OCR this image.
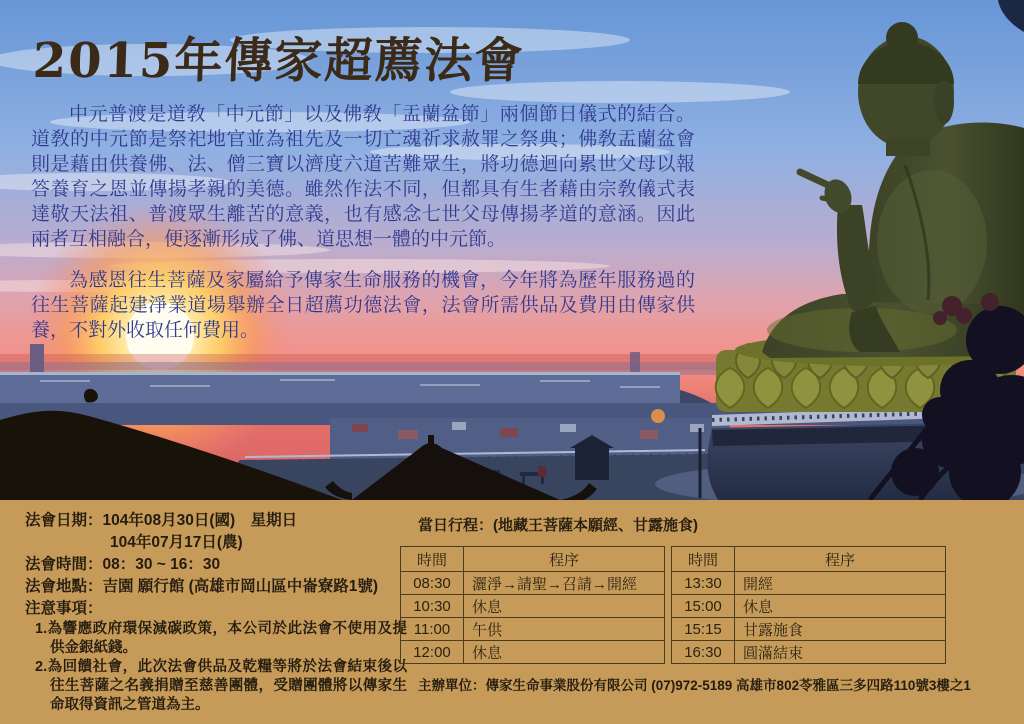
2015年傳家超薦法會

中元普渡是道敎「中元節」以及佛敎「盂蘭盆節」兩個節日儀式的結合。道敎的中元節是祭祀地官並為祖先及一切亡魂祈求赦罪之祭典；佛敎盂蘭盆會則是藉由供養佛、法、僧三寶以濟度六道苦難眾生，將功德迴向累世父母以報答養育之恩並傳揚孝親的美德。雖然作法不同，但都具有生者藉由宗敎儀式表達敬天法祖、普渡眾生離苦的意義，也有感念七世父母傳揚孝道的意涵。因此兩者互相融合，便逐漸形成了佛、道思想一體的中元節。

為感恩往生菩薩及家屬給予傳家生命服務的機會，今年將為歷年服務過的往生菩薩起建淨業道場舉辦全日超薦功德法會，法會所需供品及費用由傳家供養，不對外收取任何費用。

法會日期：104年08月30日(國)　星期日
104年07月17日(農)
法會時間：08：30 ~ 16：30
法會地點：吉園 願行館 (高雄市岡山區中崙寮路1號)
注意事項：
1.為響應政府環保減碳政策，本公司於此法會不使用及提供金銀紙錢。
2.為回饋社會，此次法會供品及乾糧等將於法會結束後以往生菩薩之名義捐贈至慈善團體，受贈團體將以傳家生命取得資訊之管道為主。
當日行程：(地藏王菩薩本願經、甘露施食)
時間	程序
08:30	灑淨→請聖→召請→開經
10:30	休息
11:00	午供
12:00	休息
時間	程序
13:30	開經
15:00	休息
15:15	甘露施食
16:30	圓滿結束
主辦單位：傳家生命事業股份有限公司 (07)972-5189 高雄市802苓雅區三多四路110號3樓之1
